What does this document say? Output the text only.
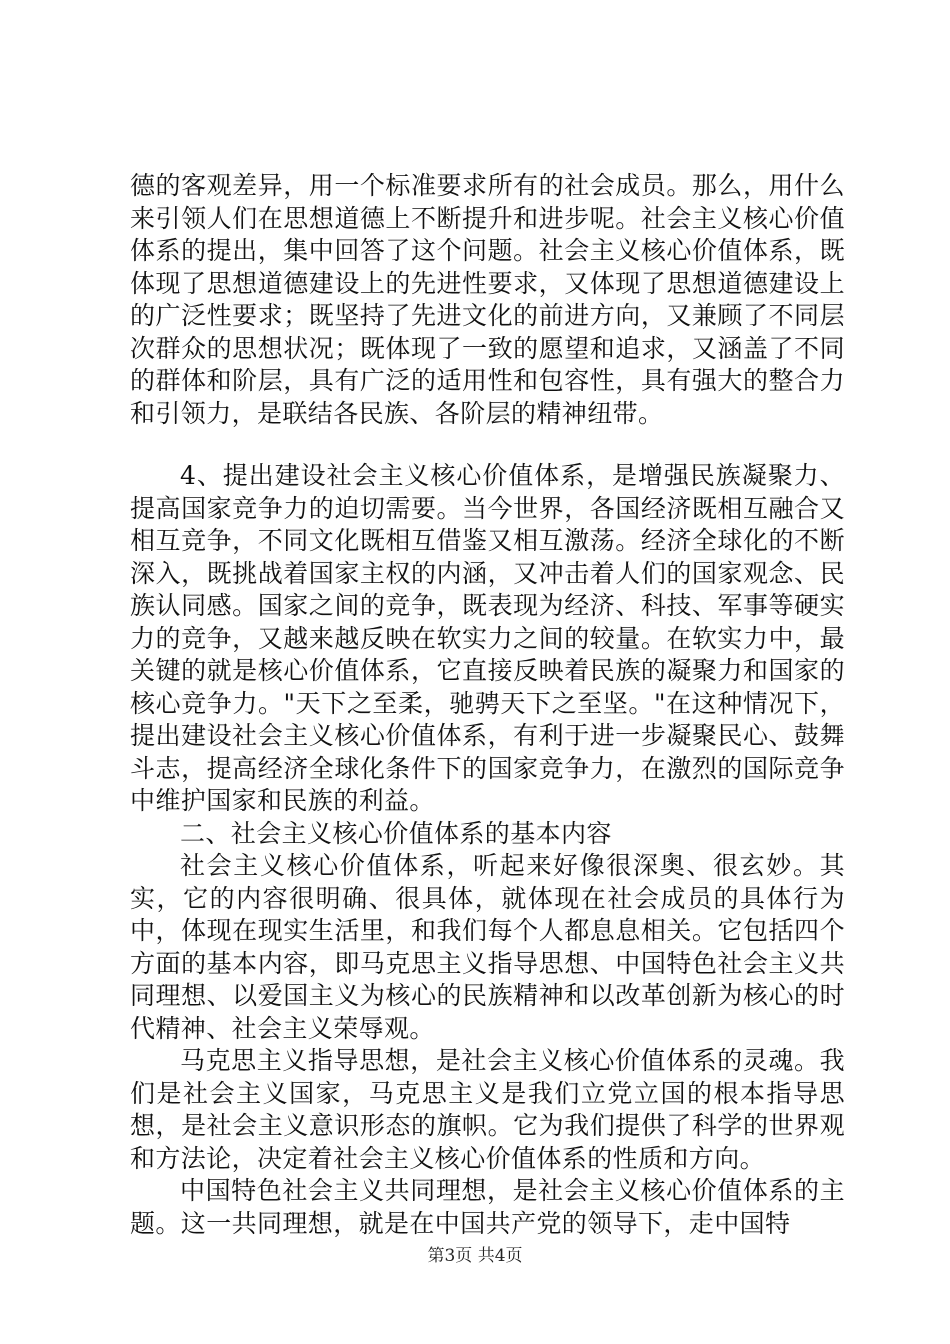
德的客观差异，用一个标准要求所有的社会成员。那么，用什么来引领人们在思想道德上不断提升和进步呢。社会主义核心价值体系的提出，集中回答了这个问题。社会主义核心价值体系，既体现了思想道德建设上的先进性要求，又体现了思想道德建设上的广泛性要求；既坚持了先进文化的前进方向，又兼顾了不同层次群众的思想状况；既体现了一致的愿望和追求，又涵盖了不同的群体和阶层，具有广泛的适用性和包容性，具有强大的整合力和引领力，是联结各民族、各阶层的精神纽带。

4、提出建设社会主义核心价值体系，是增强民族凝聚力、提高国家竞争力的迫切需要。当今世界，各国经济既相互融合又相互竞争，不同文化既相互借鉴又相互激荡。经济全球化的不断深入，既挑战着国家主权的内涵，又冲击着人们的国家观念、民族认同感。国家之间的竞争，既表现为经济、科技、军事等硬实力的竞争，又越来越反映在软实力之间的较量。在软实力中，最关键的就是核心价值体系，它直接反映着民族的凝聚力和国家的核心竞争力。"天下之至柔，驰骋天下之至坚。"在这种情况下，提出建设社会主义核心价值体系，有利于进一步凝聚民心、鼓舞斗志，提高经济全球化条件下的国家竞争力，在激烈的国际竞争中维护国家和民族的利益。

二、社会主义核心价值体系的基本内容

社会主义核心价值体系，听起来好像很深奥、很玄妙。其实，它的内容很明确、很具体，就体现在社会成员的具体行为中，体现在现实生活里，和我们每个人都息息相关。它包括四个方面的基本内容，即马克思主义指导思想、中国特色社会主义共同理想、以爱国主义为核心的民族精神和以改革创新为核心的时代精神、社会主义荣辱观。

马克思主义指导思想，是社会主义核心价值体系的灵魂。我们是社会主义国家，马克思主义是我们立党立国的根本指导思想，是社会主义意识形态的旗帜。它为我们提供了科学的世界观和方法论，决定着社会主义核心价值体系的性质和方向。

中国特色社会主义共同理想，是社会主义核心价值体系的主题。这一共同理想，就是在中国共产党的领导下，走中国特

第3页 共4页
